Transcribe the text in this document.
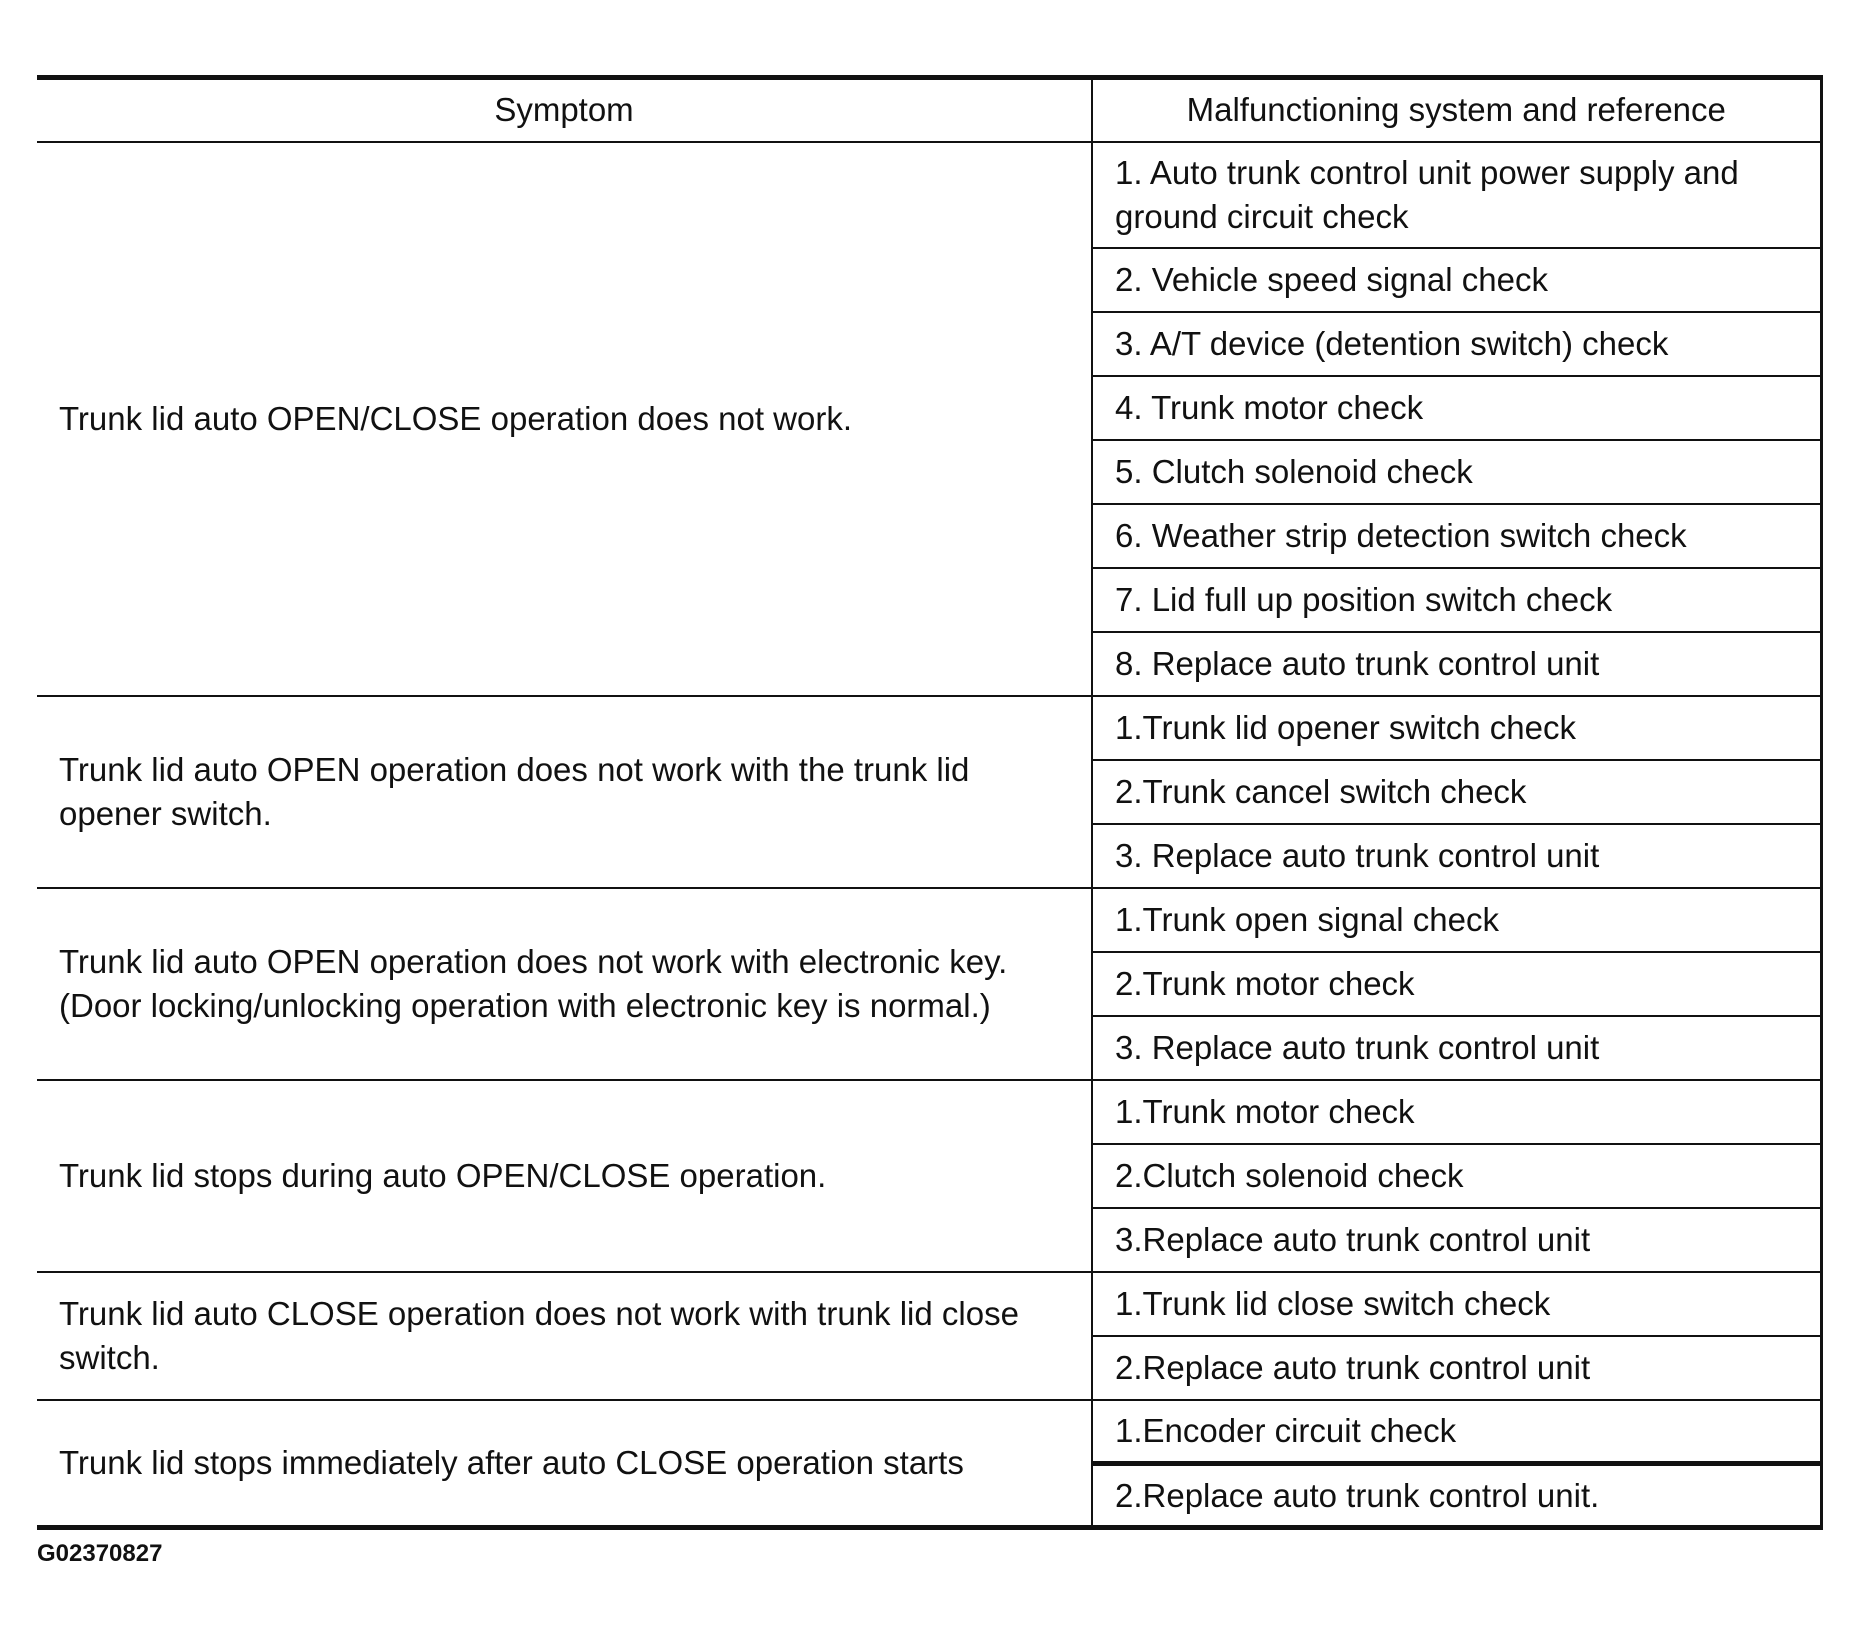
Symptom	Malfunctioning system and reference
Trunk lid auto OPEN/CLOSE operation does not work.	1. Auto trunk control unit power supply and ground circuit check
	2. Vehicle speed signal check
	3. A/T device (detention switch) check
	4. Trunk motor check
	5. Clutch solenoid check
	6. Weather strip detection switch check
	7. Lid full up position switch check
	8. Replace auto trunk control unit
Trunk lid auto OPEN operation does not work with the trunk lid opener switch.	1.Trunk lid opener switch check
	2.Trunk cancel switch check
	3. Replace auto trunk control unit
Trunk lid auto OPEN operation does not work with electronic key. (Door locking/unlocking operation with electronic key is normal.)	1.Trunk open signal check
	2.Trunk motor check
	3. Replace auto trunk control unit
Trunk lid stops during auto OPEN/CLOSE operation.	1.Trunk motor check
	2.Clutch solenoid check
	3.Replace auto trunk control unit
Trunk lid auto CLOSE operation does not work with trunk lid close switch.	1.Trunk lid close switch check
	2.Replace auto trunk control unit
Trunk lid stops immediately after auto CLOSE operation starts	1.Encoder circuit check
	2.Replace auto trunk control unit.
G02370827
